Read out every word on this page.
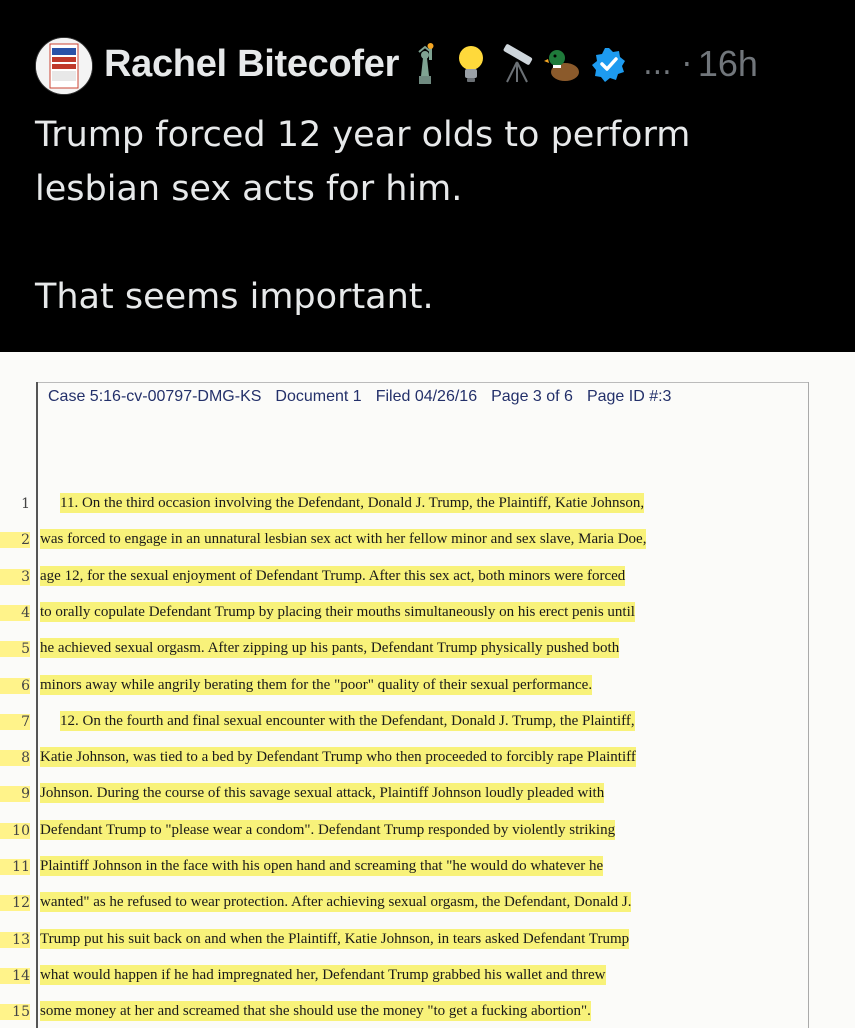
Rachel Bitecofer	... · 16h
Trump forced 12 year olds to perform
lesbian sex acts for him.

That seems important.
Case 5:16-cv-00797-DMG-KS Document 1 Filed 04/26/16 Page 3 of 6 Page ID #:3
1	11. On the third occasion involving the Defendant, Donald J. Trump, the Plaintiff, Katie Johnson,
2 was forced to engage in an unnatural lesbian sex act with her fellow minor and sex slave, Maria Doe,
3 age 12, for the sexual enjoyment of Defendant Trump. After this sex act, both minors were forced
4 to orally copulate Defendant Trump by placing their mouths simultaneously on his erect penis until
5 he achieved sexual orgasm. After zipping up his pants, Defendant Trump physically pushed both
6 minors away while angrily berating them for the "poor" quality of their sexual performance.
7	12. On the fourth and final sexual encounter with the Defendant, Donald J. Trump, the Plaintiff,
8 Katie Johnson, was tied to a bed by Defendant Trump who then proceeded to forcibly rape Plaintiff
9 Johnson. During the course of this savage sexual attack, Plaintiff Johnson loudly pleaded with
10 Defendant Trump to "please wear a condom". Defendant Trump responded by violently striking
11 Plaintiff Johnson in the face with his open hand and screaming that "he would do whatever he
12 wanted" as he refused to wear protection. After achieving sexual orgasm, the Defendant, Donald J.
13 Trump put his suit back on and when the Plaintiff, Katie Johnson, in tears asked Defendant Trump
14 what would happen if he had impregnated her, Defendant Trump grabbed his wallet and threw
15 some money at her and screamed that she should use the money "to get a fucking abortion".
